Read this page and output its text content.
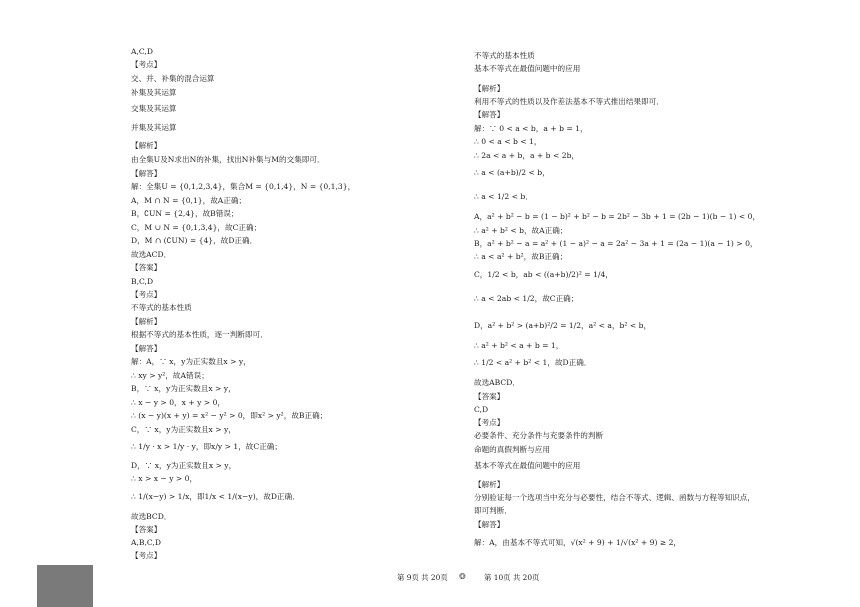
A,C,D
【考点】
交、并、补集的混合运算
补集及其运算
交集及其运算
并集及其运算
【解析】
由全集U及N求出N的补集，找出N补集与M的交集即可．
【解答】
解：全集U = {0,1,2,3,4}，集合M = {0,1,4}，N = {0,1,3}，
A，M ∩ N = {0,1}，故A正确；
B，∁UN = {2,4}，故B错误；
C，M ∪ N = {0,1,3,4}，故C正确；
D，M ∩ (∁UN) = {4}，故D正确．
故选ACD．
【答案】
B,C,D
【考点】
不等式的基本性质
【解析】
根据不等式的基本性质，逐一判断即可．
【解答】
解：A，∵ x，y为正实数且x > y，
∴ xy > y²，故A错误；
B，∵ x，y为正实数且x > y，
∴ x − y > 0，x + y > 0，
∴ (x − y)(x + y) = x² − y² > 0，即x² > y²，故B正确；
C，∵ x，y为正实数且x > y，
∴ 1/y · x > 1/y · y，即x/y > 1，故C正确；
D，∵ x，y为正实数且x > y，
∴ x > x − y > 0，
∴ 1/(x−y) > 1/x，即1/x < 1/(x−y)，故D正确．
故选BCD．
【答案】
A,B,C,D
【考点】
不等式的基本性质
基本不等式在最值问题中的应用
【解析】
利用不等式的性质以及作差法基本不等式推出结果即可．
【解答】
解：∵ 0 < a < b，a + b = 1，
∴ 0 < a < b < 1，
∴ 2a < a + b，a + b < 2b，
∴ a < (a+b)/2 < b，
∴ a < 1/2 < b．
A，a² + b² − b = (1 − b)² + b² − b = 2b² − 3b + 1 = (2b − 1)(b − 1) < 0，
∴ a² + b² < b，故A正确；
B，a² + b² − a = a² + (1 − a)² − a = 2a² − 3a + 1 = (2a − 1)(a − 1) > 0，
∴ a < a² + b²，故B正确；
C，1/2 < b，ab < ((a+b)/2)² = 1/4，
∴ a < 2ab < 1/2，故C正确；
D，a² + b² > (a+b)²/2 = 1/2，a² < a，b² < b，
∴ a² + b² < a + b = 1，
∴ 1/2 < a² + b² < 1，故D正确．
故选ABCD．
【答案】
C,D
【考点】
必要条件、充分条件与充要条件的判断
命题的真假判断与应用
基本不等式在最值问题中的应用
【解析】
分别验证每一个选项当中充分与必要性，结合不等式、逻辑、函数与方程等知识点，
即可判断．
【解答】
解：A，由基本不等式可知，√(x² + 9) + 1/√(x² + 9) ≥ 2，
第 9页 共 20页 ❂ 第 10页 共 20页
